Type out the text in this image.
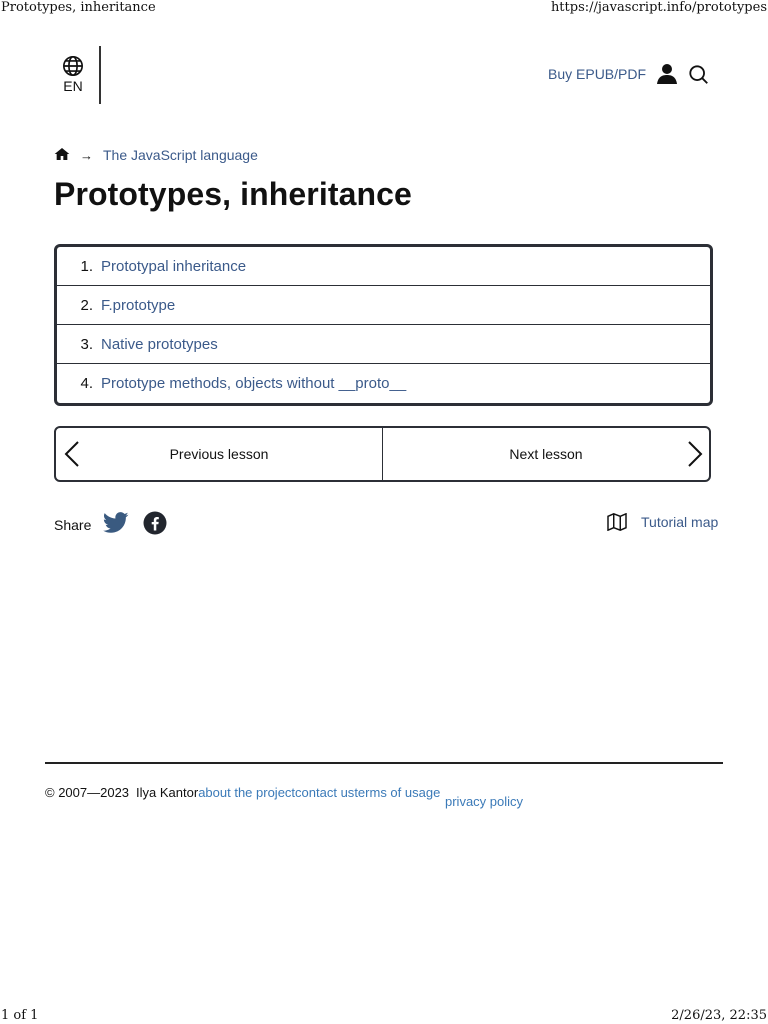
Prototypes, inheritance	https://javascript.info/prototypes
EN
Buy EPUB/PDF
→ The JavaScript language
Prototypes, inheritance
1. Prototypal inheritance
2. F.prototype
3. Native prototypes
4. Prototype methods, objects without __proto__
Previous lesson	Next lesson
Share	Tutorial map
© 2007—2023 Ilya Kantorabout the projectcontact usterms of usage
privacy policy
1 of 1	2/26/23, 22:35
